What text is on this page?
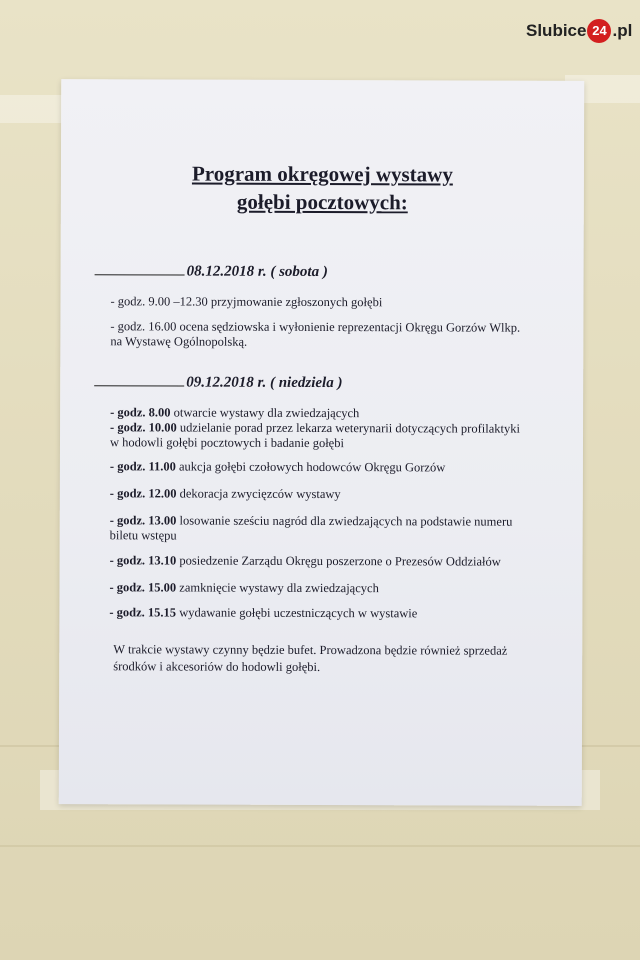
Slubice 24 .pl
Program okręgowej wystawy
gołębi pocztowych:
08.12.2018 r. ( sobota )
- godz. 9.00 –12.30 przyjmowanie zgłoszonych gołębi
- godz. 16.00 ocena sędziowska i wyłonienie reprezentacji Okręgu Gorzów Wlkp. na Wystawę Ogólnopolską.
09.12.2018 r. ( niedziela )
- godz. 8.00 otwarcie wystawy dla zwiedzających
- godz. 10.00 udzielanie porad przez lekarza weterynarii dotyczących profilaktyki w hodowli gołębi pocztowych i badanie gołębi
- godz. 11.00 aukcja gołębi czołowych hodowców Okręgu Gorzów
- godz. 12.00 dekoracja zwycięzców wystawy
- godz. 13.00 losowanie sześciu nagród dla zwiedzających na podstawie numeru biletu wstępu
- godz. 13.10 posiedzenie Zarządu Okręgu poszerzone o Prezesów Oddziałów
- godz. 15.00 zamknięcie wystawy dla zwiedzających
- godz. 15.15 wydawanie gołębi uczestniczących w wystawie
W trakcie wystawy czynny będzie bufet. Prowadzona będzie również sprzedaż środków i akcesoriów do hodowli gołębi.
